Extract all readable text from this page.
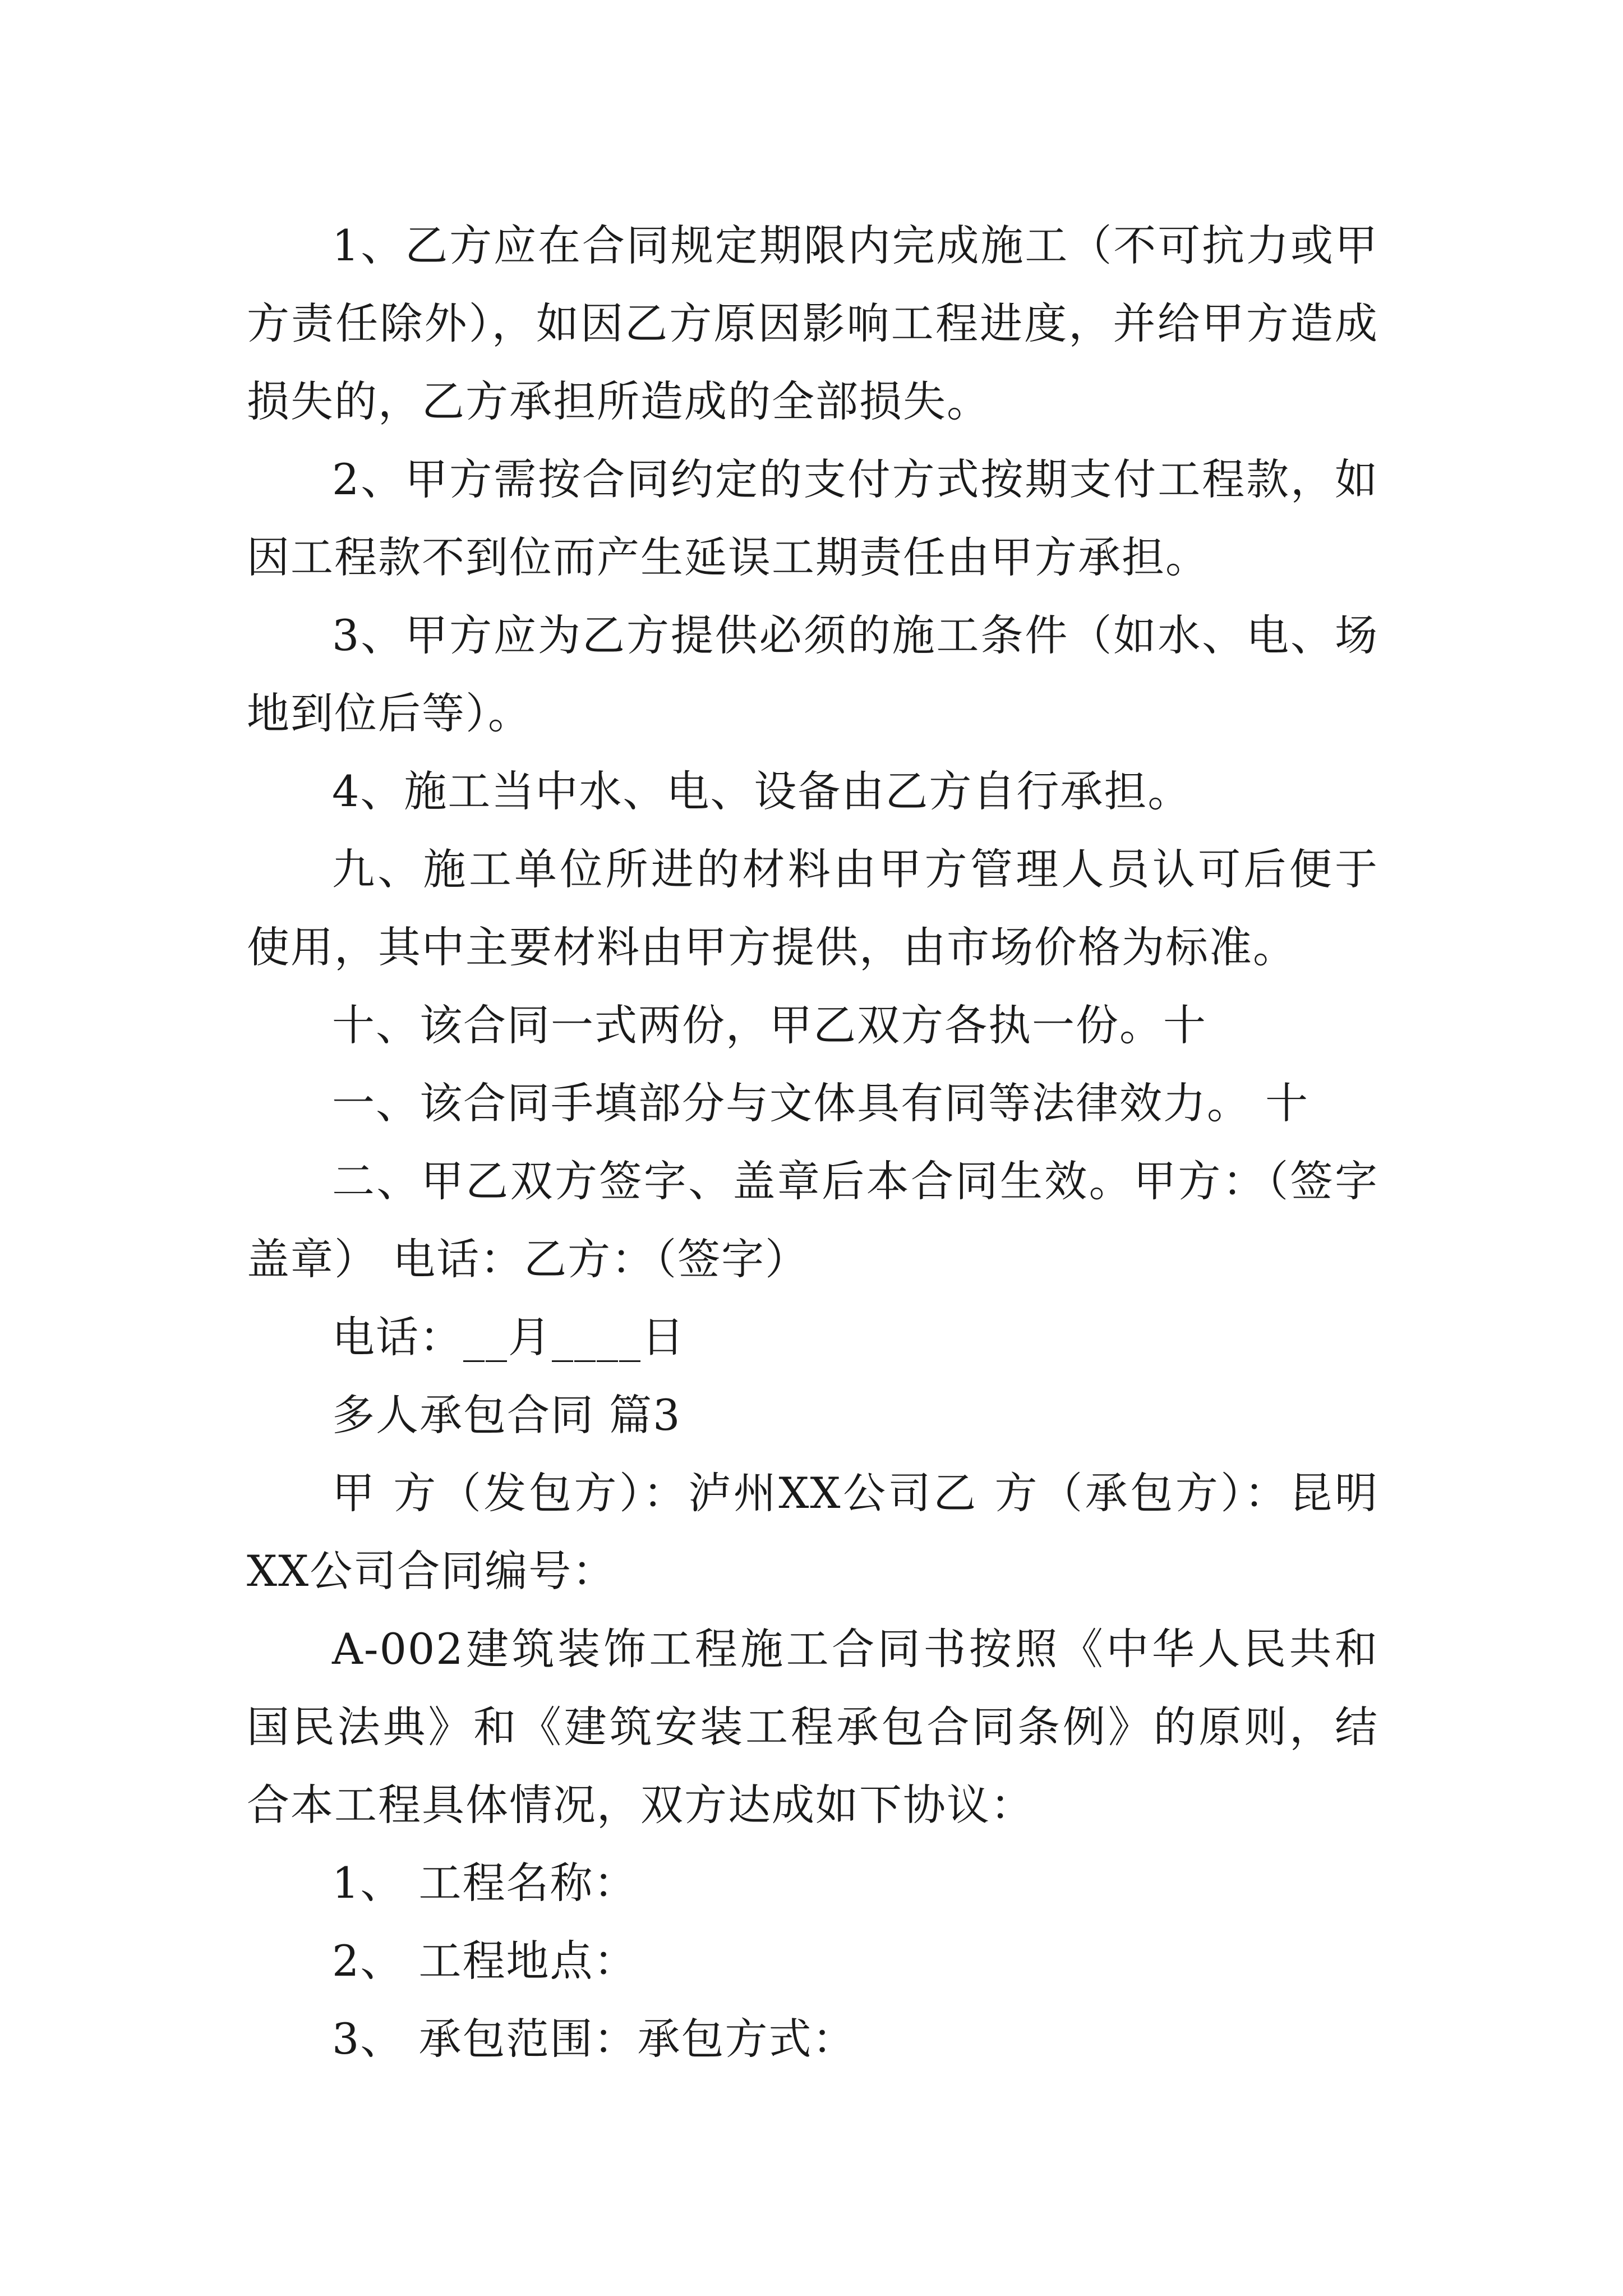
1、乙方应在合同规定期限内完成施工（不可抗力或甲方责任除外），如因乙方原因影响工程进度，并给甲方造成损失的，乙方承担所造成的全部损失。

2、甲方需按合同约定的支付方式按期支付工程款，如因工程款不到位而产生延误工期责任由甲方承担。

3、甲方应为乙方提供必须的施工条件（如水、电、场地到位后等）。

4、施工当中水、电、设备由乙方自行承担。

九、施工单位所进的材料由甲方管理人员认可后便于使用，其中主要材料由甲方提供，由市场价格为标准。

十、该合同一式两份，甲乙双方各执一份。十

一、该合同手填部分与文体具有同等法律效力。 十

二、甲乙双方签字、盖章后本合同生效。甲方：（签字盖章） 电话：乙方：（签字）

电话：__月____日

多人承包合同 篇3

甲 方（发包方）：泸州XX公司乙 方（承包方）：昆明XX公司合同编号：

A-002建筑装饰工程施工合同书按照《中华人民共和国民法典》和《建筑安装工程承包合同条例》的原则，结合本工程具体情况，双方达成如下协议：

1、 工程名称：

2、 工程地点：

3、 承包范围：承包方式：
